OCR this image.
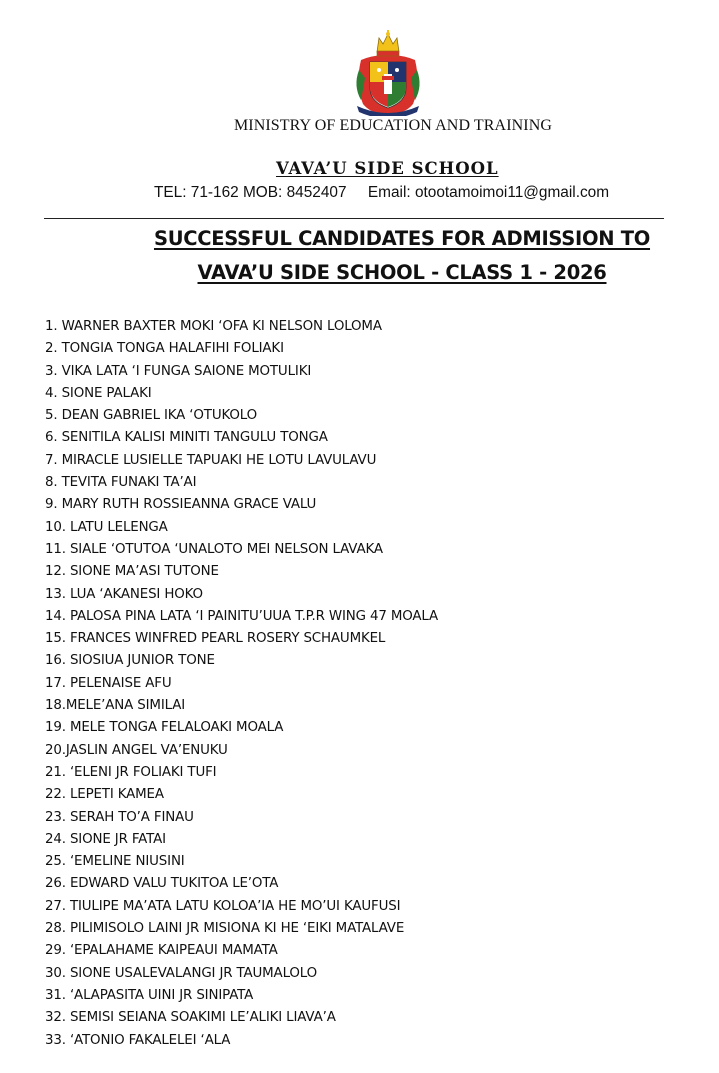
MINISTRY OF EDUCATION AND TRAINING
VAVA’U SIDE SCHOOL
TEL: 71-162 MOB: 8452407 Email: otootamoimoi11@gmail.com
SUCCESSFUL CANDIDATES FOR ADMISSION TO
VAVA’U SIDE SCHOOL - CLASS 1 - 2026
1. WARNER BAXTER MOKI ‘OFA KI NELSON LOLOMA
2. TONGIA TONGA HALAFIHI FOLIAKI
3. VIKA LATA ‘I FUNGA SAIONE MOTULIKI
4. SIONE PALAKI
5. DEAN GABRIEL IKA ‘OTUKOLO
6. SENITILA KALISI MINITI TANGULU TONGA
7. MIRACLE LUSIELLE TAPUAKI HE LOTU LAVULAVU
8. TEVITA FUNAKI TA’AI
9. MARY RUTH ROSSIEANNA GRACE VALU
10. LATU LELENGA
11. SIALE ‘OTUTOA ‘UNALOTO MEI NELSON LAVAKA
12. SIONE MA’ASI TUTONE
13. LUA ‘AKANESI HOKO
14. PALOSA PINA LATA ‘I PAINITU’UUA T.P.R WING 47 MOALA
15. FRANCES WINFRED PEARL ROSERY SCHAUMKEL
16. SIOSIUA JUNIOR TONE
17. PELENAISE AFU
18.MELE’ANA SIMILAI
19. MELE TONGA FELALOAKI MOALA
20.JASLIN ANGEL VA’ENUKU
21. ‘ELENI JR FOLIAKI TUFI
22. LEPETI KAMEA
23. SERAH TO’A FINAU
24. SIONE JR FATAI
25. ‘EMELINE NIUSINI
26. EDWARD VALU TUKITOA LE’OTA
27. TIULIPE MA’ATA LATU KOLOA’IA HE MO’UI KAUFUSI
28. PILIMISOLO LAINI JR MISIONA KI HE ‘EIKI MATALAVE
29. ‘EPALAHAME KAIPEAUI MAMATA
30. SIONE USALEVALANGI JR TAUMALOLO
31. ‘ALAPASITA UINI JR SINIPATA
32. SEMISI SEIANA SOAKIMI LE’ALIKI LIAVA’A
33. ‘ATONIO FAKALELEI ‘ALA
